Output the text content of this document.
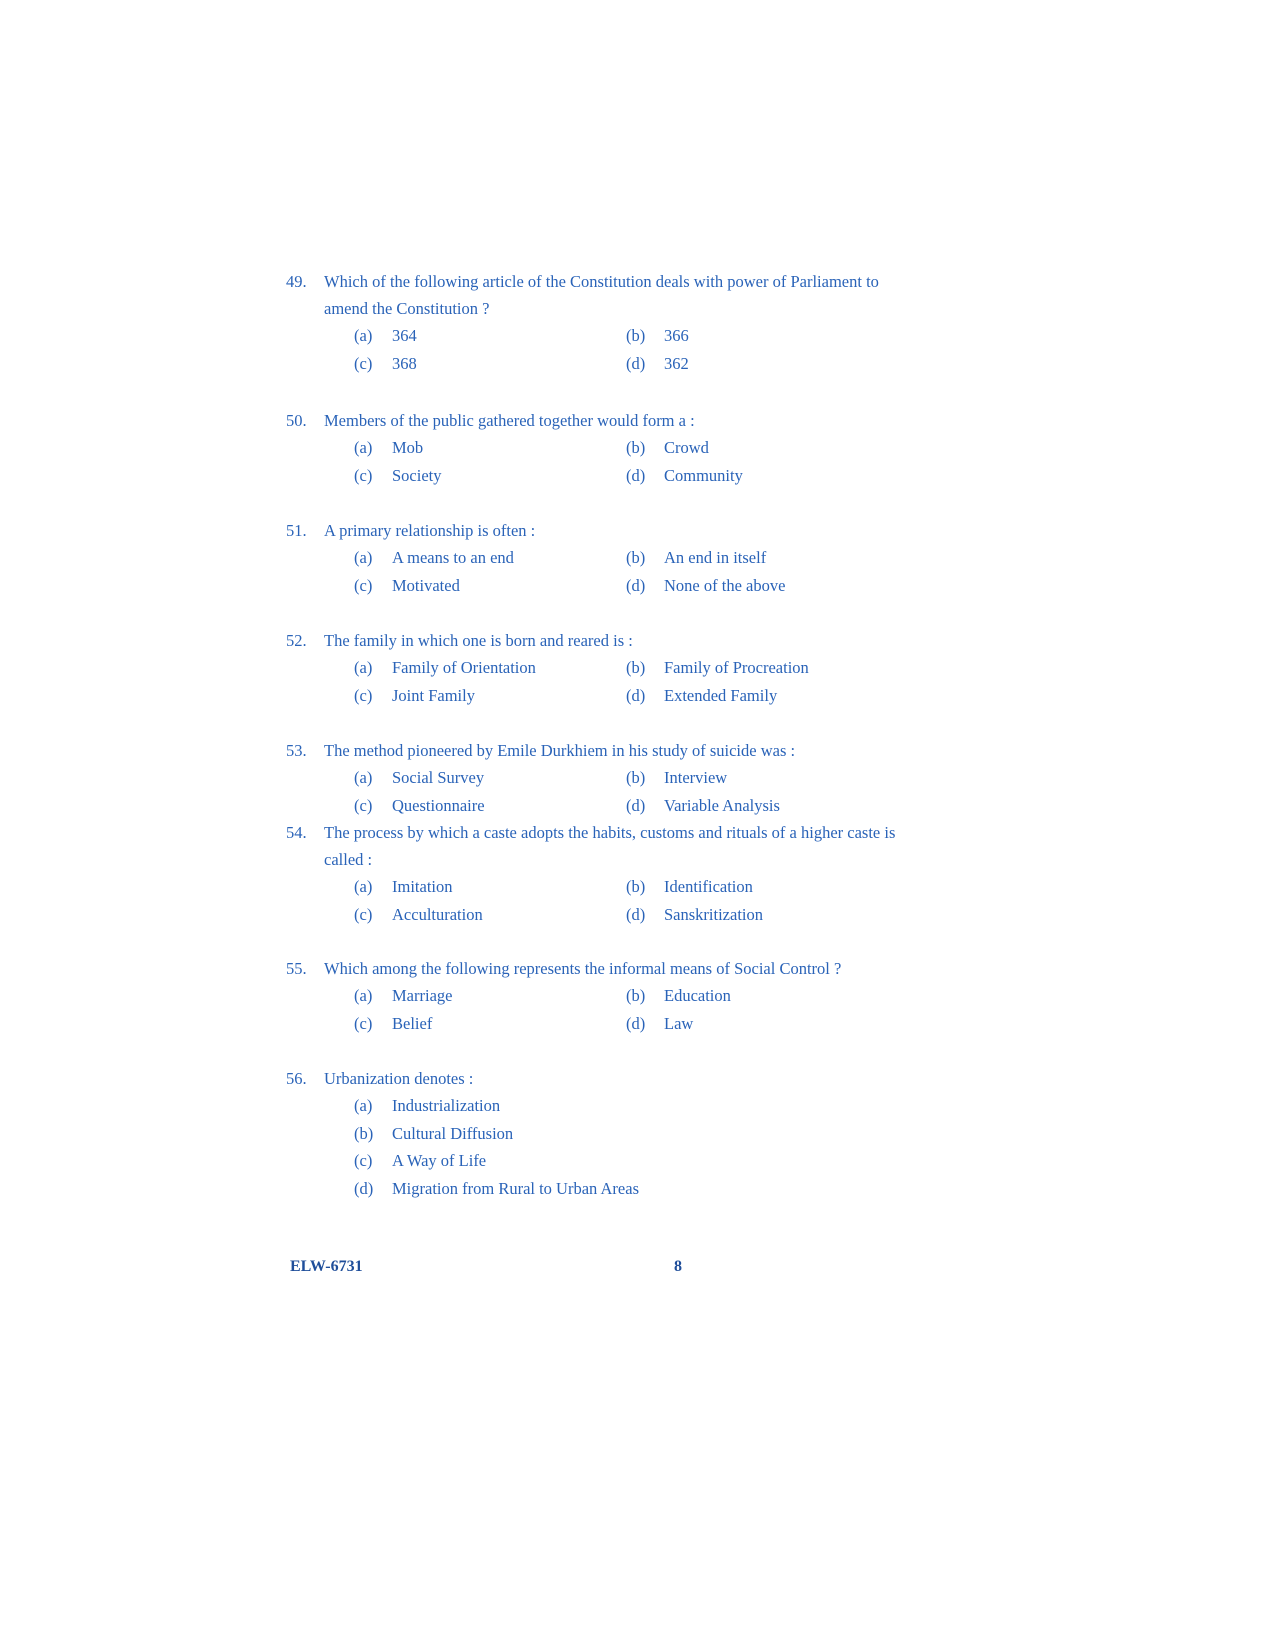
49.	Which of the following article of the Constitution deals with power of Parliament to amend the Constitution ?
(a)	364	(b)	366
(c)	368	(d)	362
50.	Members of the public gathered together would form a :
(a)	Mob	(b)	Crowd
(c)	Society	(d)	Community
51.	A primary relationship is often :
(a)	A means to an end	(b)	An end in itself
(c)	Motivated	(d)	None of the above
52.	The family in which one is born and reared is :
(a)	Family of Orientation	(b)	Family of Procreation
(c)	Joint Family	(d)	Extended Family
53.	The method pioneered by Emile Durkhiem in his study of suicide was :
(a)	Social Survey	(b)	Interview
(c)	Questionnaire	(d)	Variable Analysis
54.	The process by which a caste adopts the habits, customs and rituals of a higher caste is called :
(a)	Imitation	(b)	Identification
(c)	Acculturation	(d)	Sanskritization
55.	Which among the following represents the informal means of Social Control ?
(a)	Marriage	(b)	Education
(c)	Belief	(d)	Law
56.	Urbanization denotes :
(a)	Industrialization
(b)	Cultural Diffusion
(c)	A Way of Life
(d)	Migration from Rural to Urban Areas
ELW-6731	8
